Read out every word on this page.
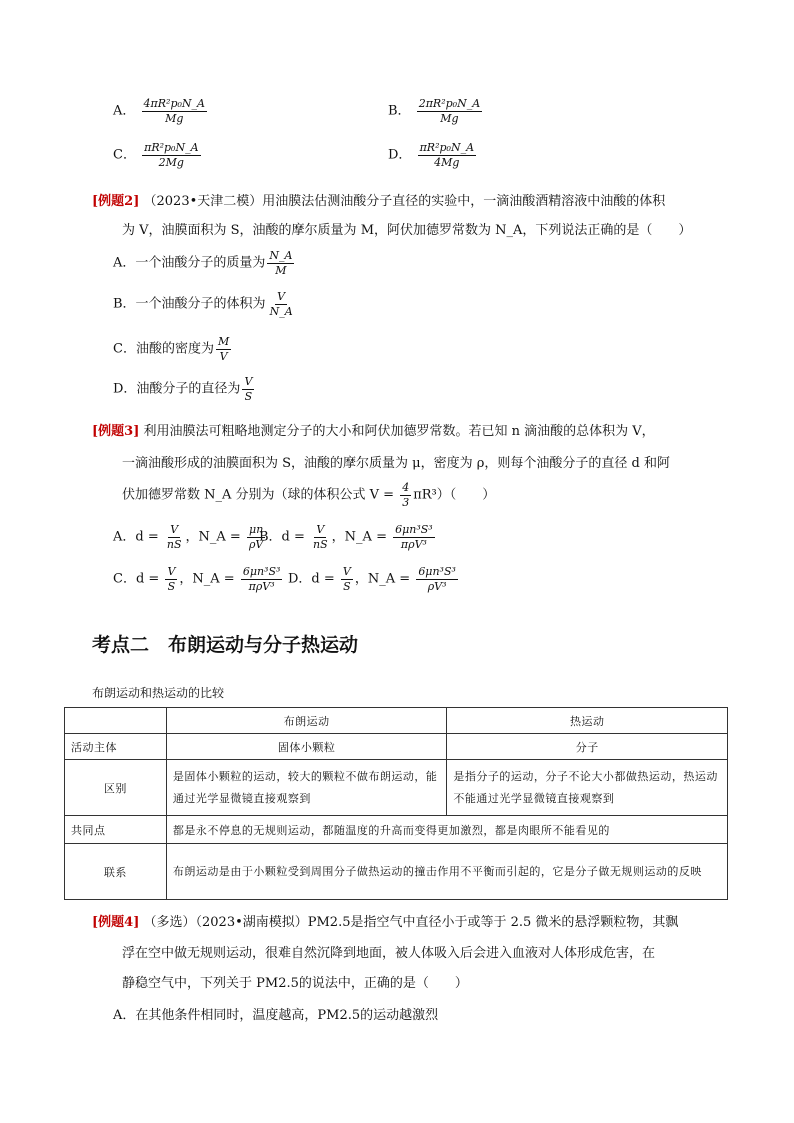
A． $\frac{\text{4πR²p₀N\_A}}{Mg}$	B． $\frac{\text{2πR²p₀N\_A}}{Mg}$
C． $\frac{\text{πR²p₀N\_A}}{2Mg}$	D． $\frac{\text{πR²p₀N\_A}}{4Mg}$
[例题2] （2023•天津二模）用油膜法估测油酸分子直径的实验中，一滴油酸酒精溶液中油酸的体积
为 V，油膜面积为 S，油酸的摩尔质量为 M，阿伏加德罗常数为 N_A，下列说法正确的是（　　）
A．一个油酸分子的质量为 $\frac{N\_A}{M}$
B．一个油酸分子的体积为 $\frac{V}{N\_A}$
C．油酸的密度为 $\frac{M}{V}$
D．油酸分子的直径为 $\frac{V}{S}$
[例题3] 利用油膜法可粗略地测定分子的大小和阿伏加德罗常数。若已知 n 滴油酸的总体积为 V，
一滴油酸形成的油膜面积为 S，油酸的摩尔质量为 μ，密度为 ρ，则每个油酸分子的直径 d 和阿
伏加德罗常数 N_A 分别为（球的体积公式 $V = \frac{4}{3} \pi R^3$）（　　）
A．$d = \frac{V}{nS}$ ，N_A = $\frac{\mu n}{\rho V}$
B．$d = \frac{V}{nS}$ ，N_A = $\frac{\text{6μn³S³}}{\text{πρV³}}$
C．$d = \frac{V}{S}$ ，N_A = $\frac{\text{6μn³S³}}{\text{πρV³}}$ D．$d = \frac{V}{S}$ ，N_A = $\frac{\text{6μn³S³}}{\text{ρV³}}$
考点二　布朗运动与分子热运动
布朗运动和热运动的比较
	布朗运动	热运动
活动主体	固体小颗粒	分子
区别	是固体小颗粒的运动，较大的颗粒不做布朗运动，能通过光学显微镜直接观察到	是指分子的运动，分子不论大小都做热运动，热运动不能通过光学显微镜直接观察到
共同点	都是永不停息的无规则运动，都随温度的升高而变得更加激烈，都是肉眼所不能看见的	
联系	布朗运动是由于小颗粒受到周围分子做热运动的撞击作用不平衡而引起的，它是分子做无规则运动的反映	
[例题4] （多选）（2023•湖南模拟）PM2.5是指空气中直径小于或等于 2.5 微米的悬浮颗粒物，其飘
浮在空中做无规则运动，很难自然沉降到地面，被人体吸入后会进入血液对人体形成危害，在
静稳空气中，下列关于 PM2.5的说法中，正确的是（　　）
A．在其他条件相同时，温度越高，PM2.5的运动越激烈
